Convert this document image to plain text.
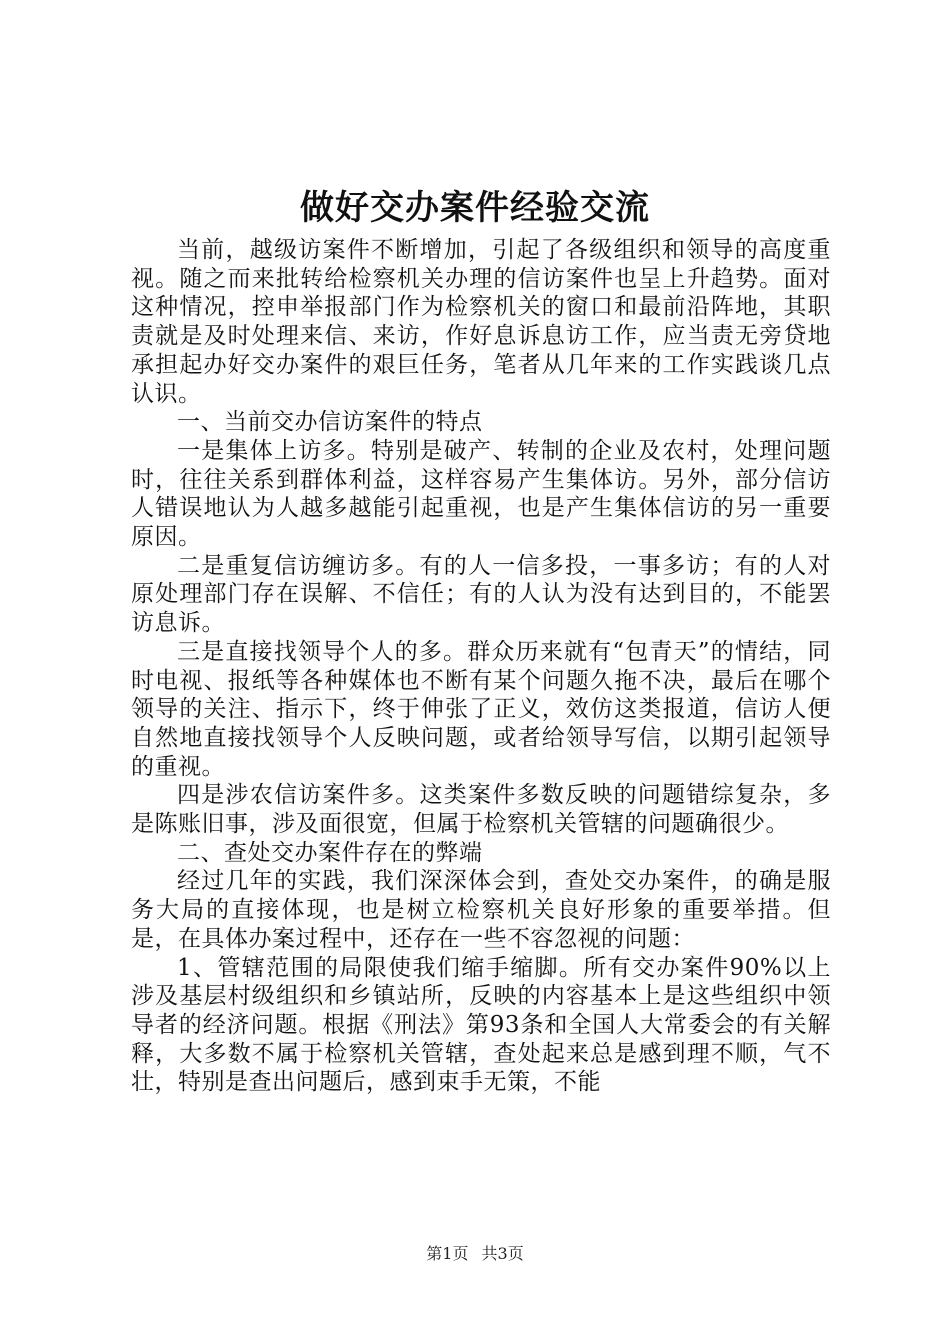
做好交办案件经验交流

当前，越级访案件不断增加，引起了各级组织和领导的高度重视。随之而来批转给检察机关办理的信访案件也呈上升趋势。面对这种情况，控申举报部门作为检察机关的窗口和最前沿阵地，其职责就是及时处理来信、来访，作好息诉息访工作，应当责无旁贷地承担起办好交办案件的艰巨任务，笔者从几年来的工作实践谈几点认识。

一、当前交办信访案件的特点

一是集体上访多。特别是破产、转制的企业及农村，处理问题时，往往关系到群体利益，这样容易产生集体访。另外，部分信访人错误地认为人越多越能引起重视，也是产生集体信访的另一重要原因。

二是重复信访缠访多。有的人一信多投，一事多访；有的人对原处理部门存在误解、不信任；有的人认为没有达到目的，不能罢访息诉。

三是直接找领导个人的多。群众历来就有“包青天”的情结，同时电视、报纸等各种媒体也不断有某个问题久拖不决，最后在哪个领导的关注、指示下，终于伸张了正义，效仿这类报道，信访人便自然地直接找领导个人反映问题，或者给领导写信，以期引起领导的重视。

四是涉农信访案件多。这类案件多数反映的问题错综复杂，多是陈账旧事，涉及面很宽，但属于检察机关管辖的问题确很少。

二、查处交办案件存在的弊端

经过几年的实践，我们深深体会到，查处交办案件，的确是服务大局的直接体现，也是树立检察机关良好形象的重要举措。但是，在具体办案过程中，还存在一些不容忽视的问题：

1、管辖范围的局限使我们缩手缩脚。所有交办案件90%以上涉及基层村级组织和乡镇站所，反映的内容基本上是这些组织中领导者的经济问题。根据《刑法》第93条和全国人大常委会的有关解释，大多数不属于检察机关管辖，查处起来总是感到理不顺，气不壮，特别是查出问题后，感到束手无策，不能

第1页 共3页
